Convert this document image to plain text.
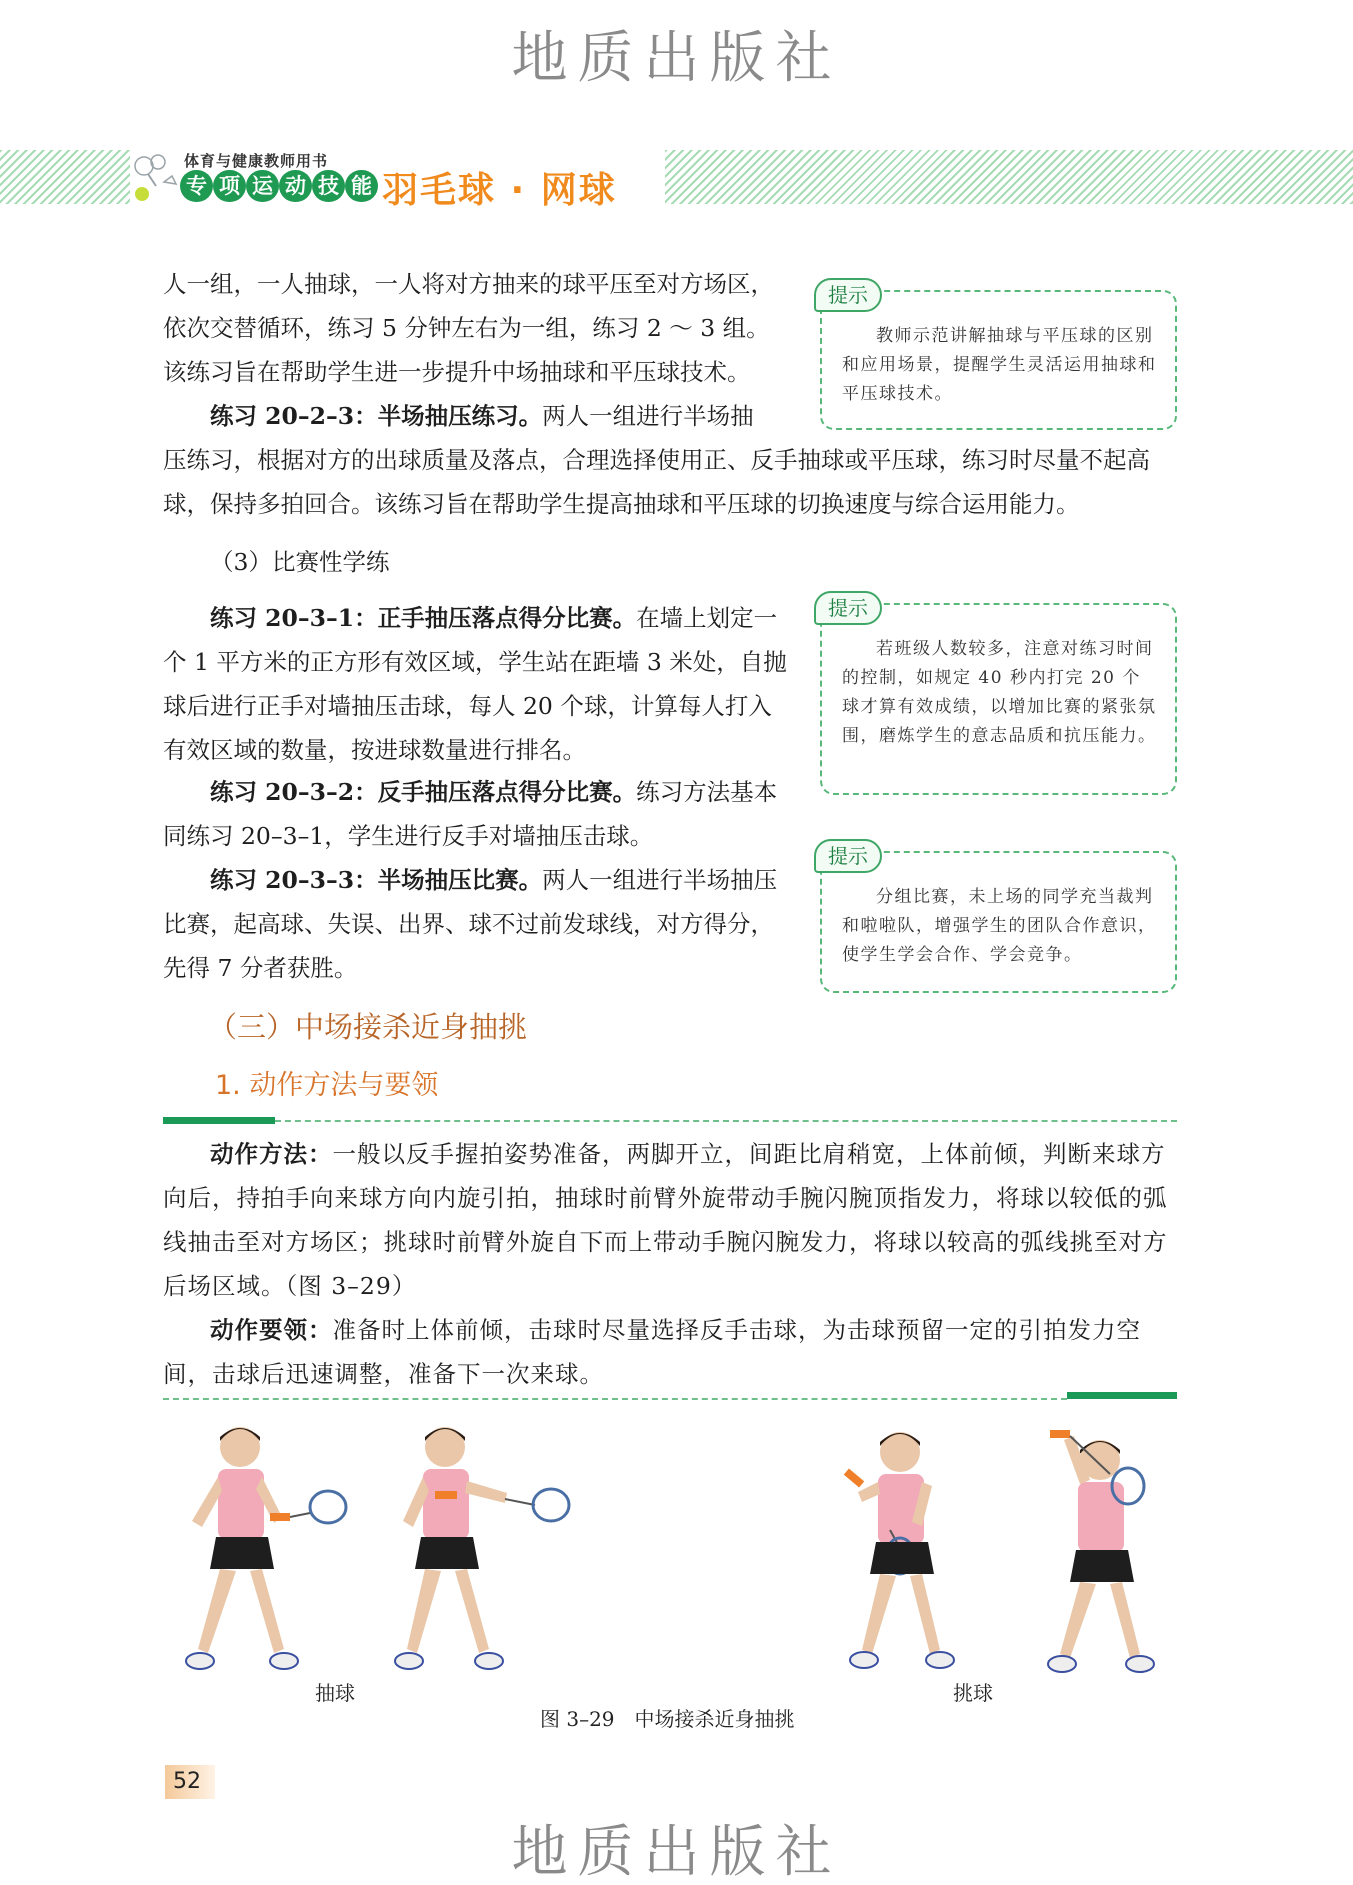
地质出版社
体育与健康教师用书
专 项 运 动 技 能 羽毛球 · 网球
人一组，一人抽球，一人将对方抽来的球平压至对方场区，依次交替循环，练习 5 分钟左右为一组，练习 2 ～ 3 组。该练习旨在帮助学生进一步提升中场抽球和平压球技术。
练习 20–2–3：半场抽压练习。两人一组进行半场抽
压练习，根据对方的出球质量及落点，合理选择使用正、反手抽球或平压球，练习时尽量不起高球，保持多拍回合。该练习旨在帮助学生提高抽球和平压球的切换速度与综合运用能力。
（3）比赛性学练
练习 20–3–1：正手抽压落点得分比赛。在墙上划定一个 1 平方米的正方形有效区域，学生站在距墙 3 米处，自抛球后进行正手对墙抽压击球，每人 20 个球，计算每人打入有效区域的数量，按进球数量进行排名。
练习 20–3–2：反手抽压落点得分比赛。练习方法基本同练习 20–3–1，学生进行反手对墙抽压击球。
练习 20–3–3：半场抽压比赛。两人一组进行半场抽压比赛，起高球、失误、出界、球不过前发球线，对方得分，先得 7 分者获胜。
提示
教师示范讲解抽球与平压球的区别和应用场景，提醒学生灵活运用抽球和平压球技术。
提示
若班级人数较多，注意对练习时间的控制，如规定 40 秒内打完 20 个球才算有效成绩，以增加比赛的紧张氛围，磨炼学生的意志品质和抗压能力。
提示
分组比赛，未上场的同学充当裁判和啦啦队，增强学生的团队合作意识，使学生学会合作、学会竞争。
（三）中场接杀近身抽挑
1. 动作方法与要领
动作方法：一般以反手握拍姿势准备，两脚开立，间距比肩稍宽，上体前倾，判断来球方向后，持拍手向来球方向内旋引拍，抽球时前臂外旋带动手腕闪腕顶指发力，将球以较低的弧线抽击至对方场区；挑球时前臂外旋自下而上带动手腕闪腕发力，将球以较高的弧线挑至对方后场区域。（图 3–29）
动作要领：准备时上体前倾，击球时尽量选择反手击球，为击球预留一定的引拍发力空间，击球后迅速调整，准备下一次来球。
抽球	挑球
图 3–29　中场接杀近身抽挑
52
地质出版社
